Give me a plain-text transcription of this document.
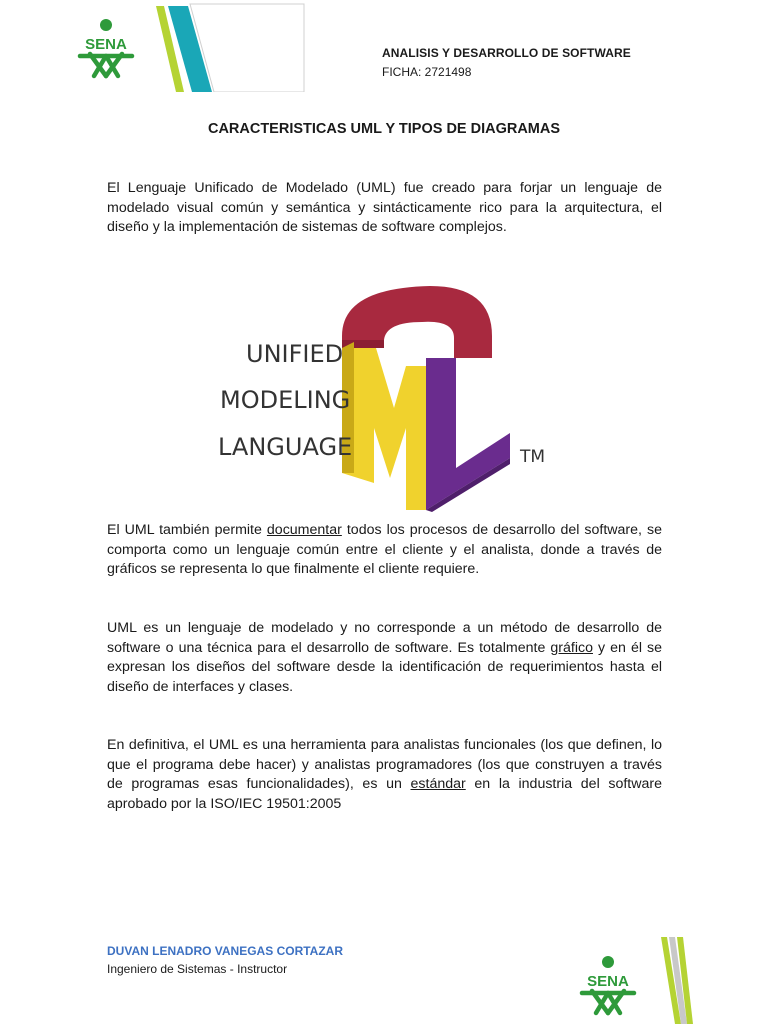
SENA	ANALISIS Y DESARROLLO DE SOFTWARE
FICHA: 2721498
CARACTERISTICAS UML Y TIPOS DE DIAGRAMAS
El Lenguaje Unificado de Modelado (UML) fue creado para forjar un lenguaje de modelado visual común y semántica y sintácticamente rico para la arquitectura, el diseño y la implementación de sistemas de software complejos.
UNIFIED
MODELING
LANGUAGE	TM
El UML también permite documentar todos los procesos de desarrollo del software, se comporta como un lenguaje común entre el cliente y el analista, donde a través de gráficos se representa lo que finalmente el cliente requiere.
UML es un lenguaje de modelado y no corresponde a un método de desarrollo de software o una técnica para el desarrollo de software. Es totalmente gráfico y en él se expresan los diseños del software desde la identificación de requerimientos hasta el diseño de interfaces y clases.
En definitiva, el UML es una herramienta para analistas funcionales (los que definen, lo que el programa debe hacer) y analistas programadores (los que construyen a través de programas esas funcionalidades), es un estándar en la industria del software aprobado por la ISO/IEC 19501:2005
DUVAN LENADRO VANEGAS CORTAZAR
Ingeniero de Sistemas - Instructor
SENA
